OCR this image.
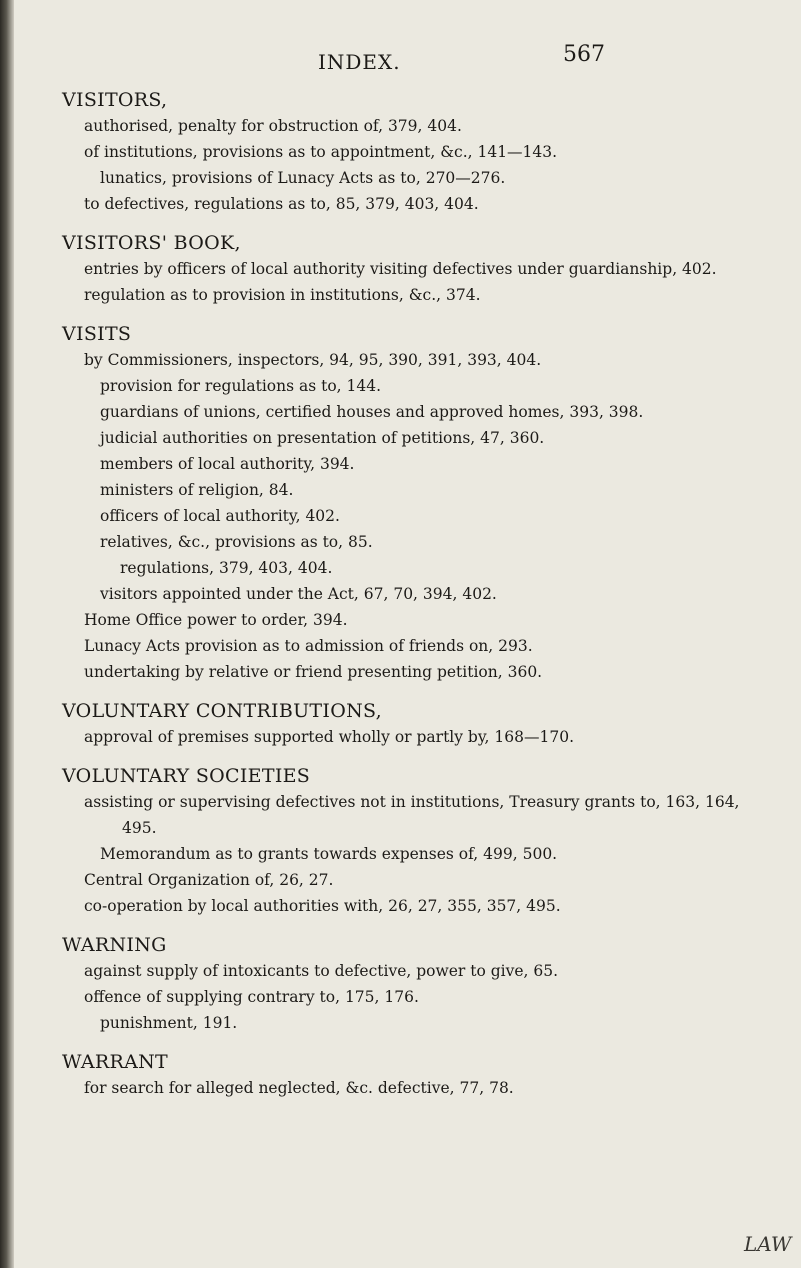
INDEX.	567
VISITORS,
authorised, penalty for obstruction of, 379, 404.
of institutions, provisions as to appointment, &c., 141—143.
lunatics, provisions of Lunacy Acts as to, 270—276.
to defectives, regulations as to, 85, 379, 403, 404.
VISITORS' BOOK,
entries by officers of local authority visiting defectives under guardianship, 402.
regulation as to provision in institutions, &c., 374.
VISITS
by Commissioners, inspectors, 94, 95, 390, 391, 393, 404.
provision for regulations as to, 144.
guardians of unions, certified houses and approved homes, 393, 398.
judicial authorities on presentation of petitions, 47, 360.
members of local authority, 394.
ministers of religion, 84.
officers of local authority, 402.
relatives, &c., provisions as to, 85.
regulations, 379, 403, 404.
visitors appointed under the Act, 67, 70, 394, 402.
Home Office power to order, 394.
Lunacy Acts provision as to admission of friends on, 293.
undertaking by relative or friend presenting petition, 360.
VOLUNTARY CONTRIBUTIONS,
approval of premises supported wholly or partly by, 168—170.
VOLUNTARY SOCIETIES
assisting or supervising defectives not in institutions, Treasury grants to, 163, 164, 495.
Memorandum as to grants towards expenses of, 499, 500.
Central Organization of, 26, 27.
co-operation by local authorities with, 26, 27, 355, 357, 495.
WARNING
against supply of intoxicants to defective, power to give, 65.
offence of supplying contrary to, 175, 176.
punishment, 191.
WARRANT
for search for alleged neglected, &c. defective, 77, 78.
LAW
